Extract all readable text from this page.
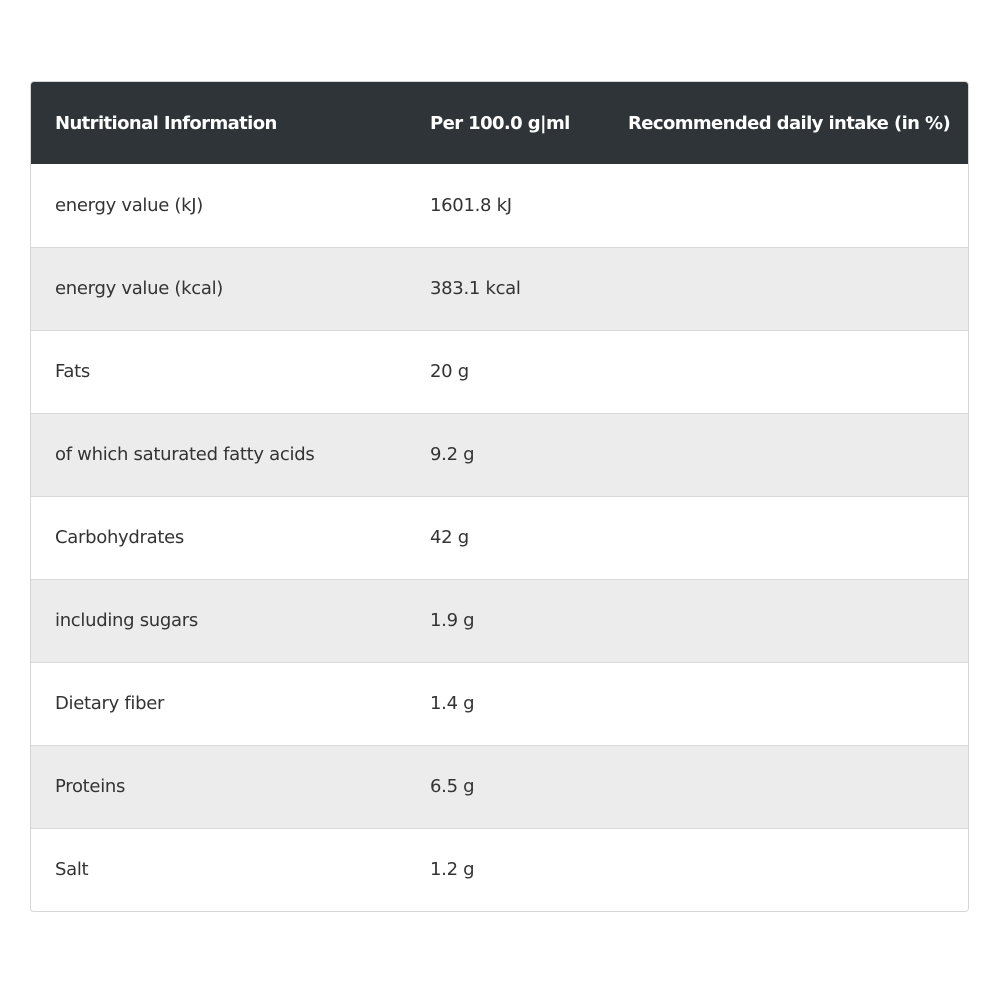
Nutritional Information	Per 100.0 g|ml	Recommended daily intake (in %)
energy value (kJ)	1601.8 kJ	
energy value (kcal)	383.1 kcal	
Fats	20 g	
of which saturated fatty acids	9.2 g	
Carbohydrates	42 g	
including sugars	1.9 g	
Dietary fiber	1.4 g	
Proteins	6.5 g	
Salt	1.2 g	
